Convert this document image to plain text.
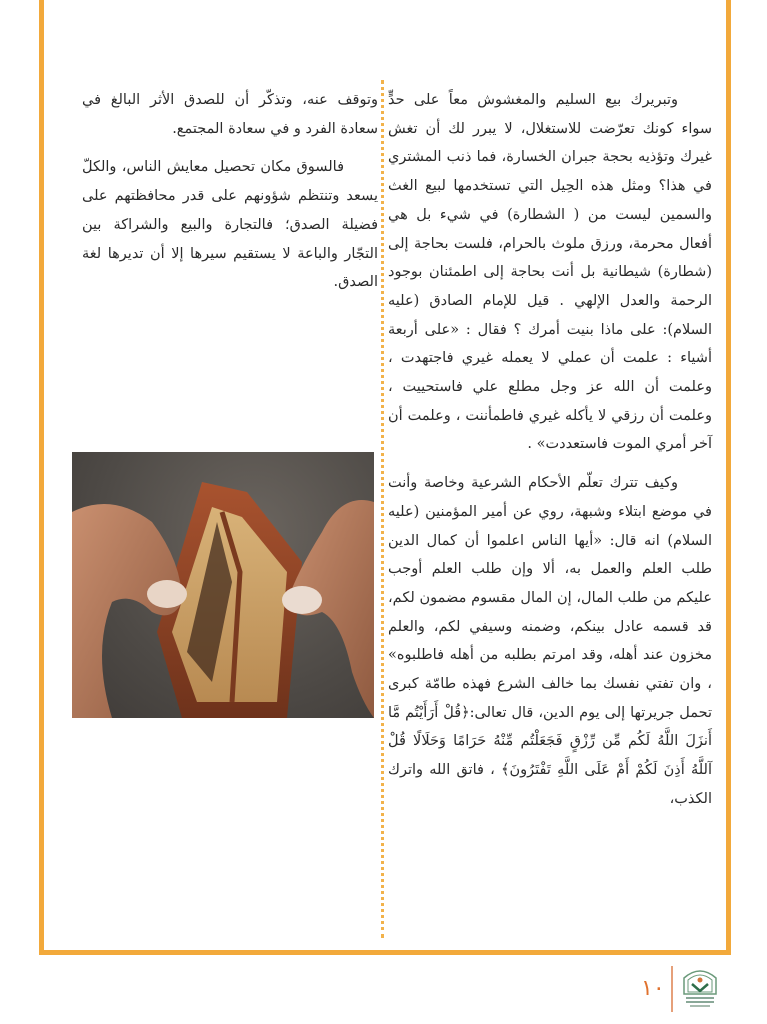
وتبريرك بيع السليم والمغشوش معاً على حدٍّ سواء كونك تعرّضت للاستغلال، لا يبرر لك أن تغش غيرك وتؤذيه بحجة جبران الخسارة، فما ذنب المشتري في هذا؟ ومثل هذه الحِيل التي تستخدمها لبيع الغث والسمين ليست من ( الشطارة) في شيء بل هي أفعال محرمة، ورزق ملوث بالحرام، فلست بحاجة إلى (شطارة) شيطانية بل أنت بحاجة إلى اطمئنان بوجود الرحمة والعدل الإلهي . قيل للإمام الصادق (عليه السلام): على ماذا بنيت أمرك ؟ فقال : «على أربعة أشياء : علمت أن عملي لا يعمله غيري فاجتهدت ، وعلمت أن الله عز وجل مطلع علي فاستحييت ، وعلمت أن رزقي لا يأكله غيري فاطمأننت ، وعلمت أن آخر أمري الموت فاستعددت» .

وكيف تترك تعلّم الأحكام الشرعية وخاصة وأنت في موضع ابتلاء وشبهة، روي عن أمير المؤمنين (عليه السلام) انه قال: «أيها الناس اعلموا أن كمال الدين طلب العلم والعمل به، ألا وإن طلب العلم أوجب عليكم من طلب المال، إن المال مقسوم مضمون لكم، قد قسمه عادل بينكم، وضمنه وسيفي لكم، والعلم مخزون عند أهله، وقد امرتم بطلبه من أهله فاطلبوه» ، وان تفتي نفسك بما خالف الشرع فهذه طامّة كبرى تحمل جريرتها إلى يوم الدين، قال تعالى:﴿قُلْ أَرَأَيْتُم مَّا أَنزَلَ اللَّهُ لَكُم مِّن رِّزْقٍ فَجَعَلْتُم مِّنْهُ حَرَامًا وَحَلَالًا قُلْ آللَّهُ أَذِنَ لَكُمْ أَمْ عَلَى اللَّهِ تَفْتَرُونَ﴾ ، فاتق الله واترك الكذب،

وتوقف عنه، وتذكّر أن للصدق الأثر البالغ في سعادة الفرد و في سعادة المجتمع.

فالسوق مكان تحصيل معايش الناس، والكلّ يسعد وتنتظم شؤونهم على قدر محافظتهم على فضيلة الصدق؛ فالتجارة والبيع والشراكة بين التجّار والباعة لا يستقيم سيرها إلا أن تديرها لغة الصدق.

١٠
